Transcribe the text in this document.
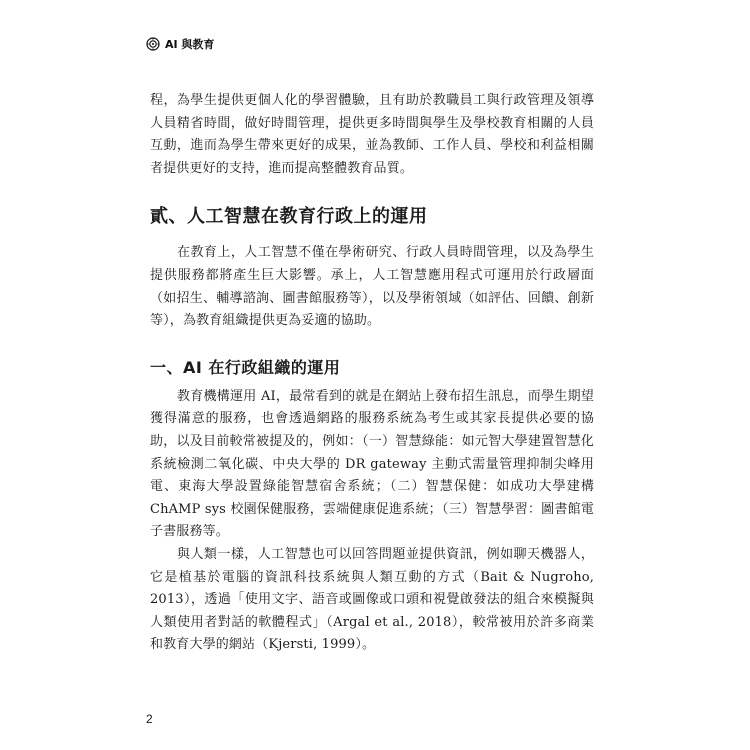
AI 與教育

程，為學生提供更個人化的學習體驗，且有助於教職員工與行政管理及領導人員精省時間，做好時間管理，提供更多時間與學生及學校教育相關的人員互動，進而為學生帶來更好的成果，並為教師、工作人員、學校和利益相關者提供更好的支持，進而提高整體教育品質。

貳、人工智慧在教育行政上的運用

在教育上，人工智慧不僅在學術研究、行政人員時間管理，以及為學生提供服務都將產生巨大影響。承上，人工智慧應用程式可運用於行政層面（如招生、輔導諮詢、圖書館服務等），以及學術領域（如評估、回饋、創新等），為教育組織提供更為妥適的協助。

一、AI 在行政組織的運用

教育機構運用 AI，最常看到的就是在網站上發布招生訊息，而學生期望獲得滿意的服務，也會透過網路的服務系統為考生或其家長提供必要的協助，以及目前較常被提及的，例如：（一）智慧綠能：如元智大學建置智慧化系統檢測二氧化碳、中央大學的 DR gateway 主動式需量管理抑制尖峰用電、東海大學設置綠能智慧宿舍系統；（二）智慧保健：如成功大學建構 ChAMP sys 校園保健服務，雲端健康促進系統；（三）智慧學習：圖書館電子書服務等。

與人類一樣，人工智慧也可以回答問題並提供資訊，例如聊天機器人，它是植基於電腦的資訊科技系統與人類互動的方式（Bait & Nugroho, 2013），透過「使用文字、語音或圖像或口頭和視覺啟發法的組合來模擬與人類使用者對話的軟體程式」（Argal et al., 2018），較常被用於許多商業和教育大學的網站（Kjersti, 1999）。

2
